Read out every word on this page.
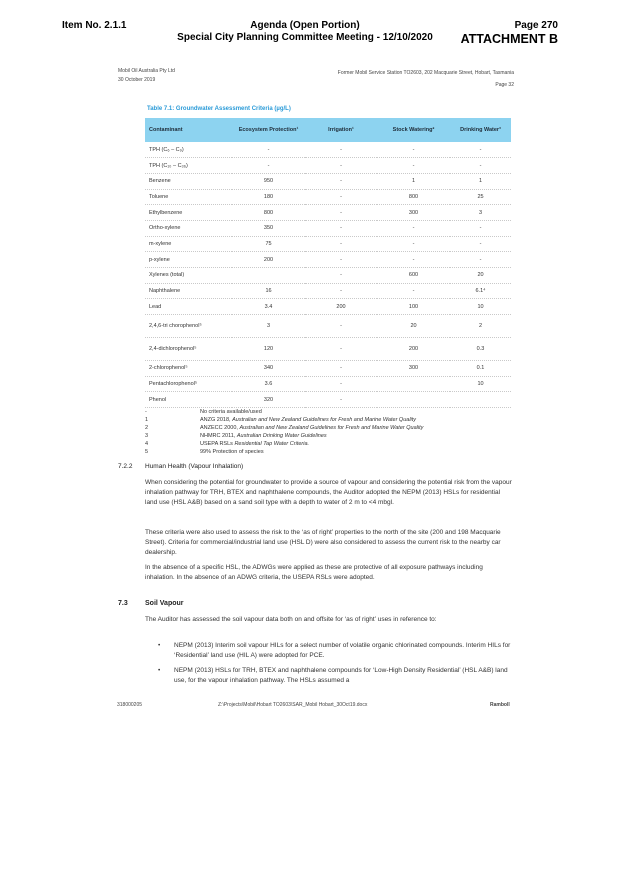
Item No. 2.1.1	Agenda (Open Portion)
Special City Planning Committee Meeting - 12/10/2020
Page 270
ATTACHMENT B
Mobil Oil Australia Pty Ltd
30 October 2019
Former Mobil Service Station TO2603, 202 Macquarie Street, Hobart, Tasmania
Page 32
Table 7.1: Groundwater Assessment Criteria (µg/L)
Contaminant	Ecosystem Protection¹	Irrigation¹	Stock Watering²	Drinking Water³
TPH (C₆ – C₉)	-	-	-	-
TPH (C₁₀ – C₃₆)	-	-	-	-
Benzene	950	-	1	1
Toluene	180	-	800	25
Ethylbenzene	800	-	300	3
Ortho-xylene	350	-	-	-
m-xylene	75	-	-	-
p-xylene	200	-	-	-
Xylenes (total)		-	600	20
Naphthalene	16	-	-	6.1⁴
Lead	3.4	200	100	10
2,4,6-tri chorophenol⁵	3	-	20	2
2,4-dichlorophenol⁵	120	-	200	0.3
2-chlorophenol⁵	340	-	300	0.1
Pentachlorophenol⁵	3.6	-		10
Phenol	320	-		
-	No criteria available/used
1	ANZG 2018, Australian and New Zealand Guidelines for Fresh and Marine Water Quality
2	ANZECC 2000, Australian and New Zealand Guidelines for Fresh and Marine Water Quality
3	NHMRC 2011, Australian Drinking Water Guidelines
4	USEPA RSLs Residential Tap Water Criteria.
5	99% Protection of species
7.2.2 Human Health (Vapour Inhalation)
When considering the potential for groundwater to provide a source of vapour and considering the potential risk from the vapour inhalation pathway for TRH, BTEX and naphthalene compounds, the Auditor adopted the NEPM (2013) HSLs for residential land use (HSL A&B) based on a sand soil type with a depth to water of 2 m to <4 mbgl.
These criteria were also used to assess the risk to the ‘as of right’ properties to the north of the site (200 and 198 Macquarie Street). Criteria for commercial/industrial land use (HSL D) were also considered to assess the current risk to the nearby car dealership.
In the absence of a specific HSL, the ADWGs were applied as these are protective of all exposure pathways including inhalation. In the absence of an ADWG criteria, the USEPA RSLs were adopted.
7.3 Soil Vapour
The Auditor has assessed the soil vapour data both on and offsite for ‘as of right’ uses in reference to:
• NEPM (2013) Interim soil vapour HILs for a select number of volatile organic chlorinated compounds. Interim HILs for ‘Residential’ land use (HIL A) were adopted for PCE.
• NEPM (2013) HSLs for TRH, BTEX and naphthalene compounds for ‘Low-High Density Residential’ (HSL A&B) land use, for the vapour inhalation pathway. The HSLs assumed a
318000205	Z:\Projects\Mobil\Hobart TO2603\SAR_Mobil Hobart_30Oct19.docx	Ramboll
